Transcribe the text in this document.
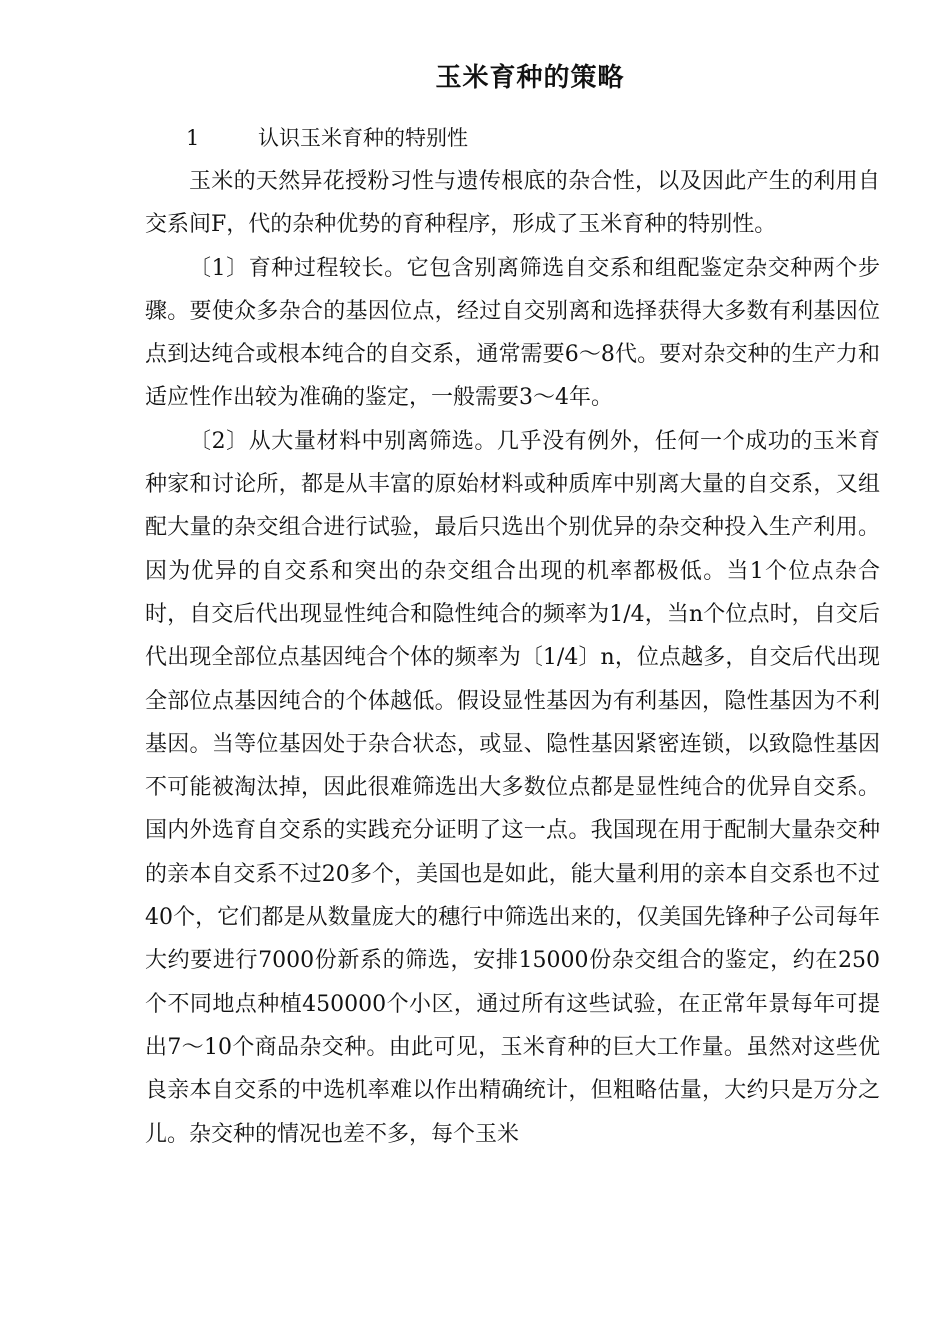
玉米育种的策略
1	认识玉米育种的特别性

玉米的天然异花授粉习性与遗传根底的杂合性，以及因此产生的利用自交系间F，代的杂种优势的育种程序，形成了玉米育种的特别性。

〔1〕育种过程较长。它包含别离筛选自交系和组配鉴定杂交种两个步骤。要使众多杂合的基因位点，经过自交别离和选择获得大多数有利基因位点到达纯合或根本纯合的自交系，通常需要6～8代。要对杂交种的生产力和适应性作出较为准确的鉴定，一般需要3～4年。

〔2〕从大量材料中别离筛选。几乎没有例外，任何一个成功的玉米育种家和讨论所，都是从丰富的原始材料或种质库中别离大量的自交系，又组配大量的杂交组合进行试验，最后只选出个别优异的杂交种投入生产利用。因为优异的自交系和突出的杂交组合出现的机率都极低。当1个位点杂合时，自交后代出现显性纯合和隐性纯合的频率为1/4，当n个位点时，自交后代出现全部位点基因纯合个体的频率为〔1/4〕n，位点越多，自交后代出现全部位点基因纯合的个体越低。假设显性基因为有利基因，隐性基因为不利基因。当等位基因处于杂合状态，或显、隐性基因紧密连锁，以致隐性基因不可能被淘汰掉，因此很难筛选出大多数位点都是显性纯合的优异自交系。国内外选育自交系的实践充分证明了这一点。我国现在用于配制大量杂交种的亲本自交系不过20多个，美国也是如此，能大量利用的亲本自交系也不过40个，它们都是从数量庞大的穗行中筛选出来的，仅美国先锋种子公司每年大约要进行7000份新系的筛选，安排15000份杂交组合的鉴定，约在250个不同地点种植450000个小区，通过所有这些试验，在正常年景每年可提出7～10个商品杂交种。由此可见，玉米育种的巨大工作量。虽然对这些优良亲本自交系的中选机率难以作出精确统计，但粗略估量，大约只是万分之儿。杂交种的情况也差不多，每个玉米
